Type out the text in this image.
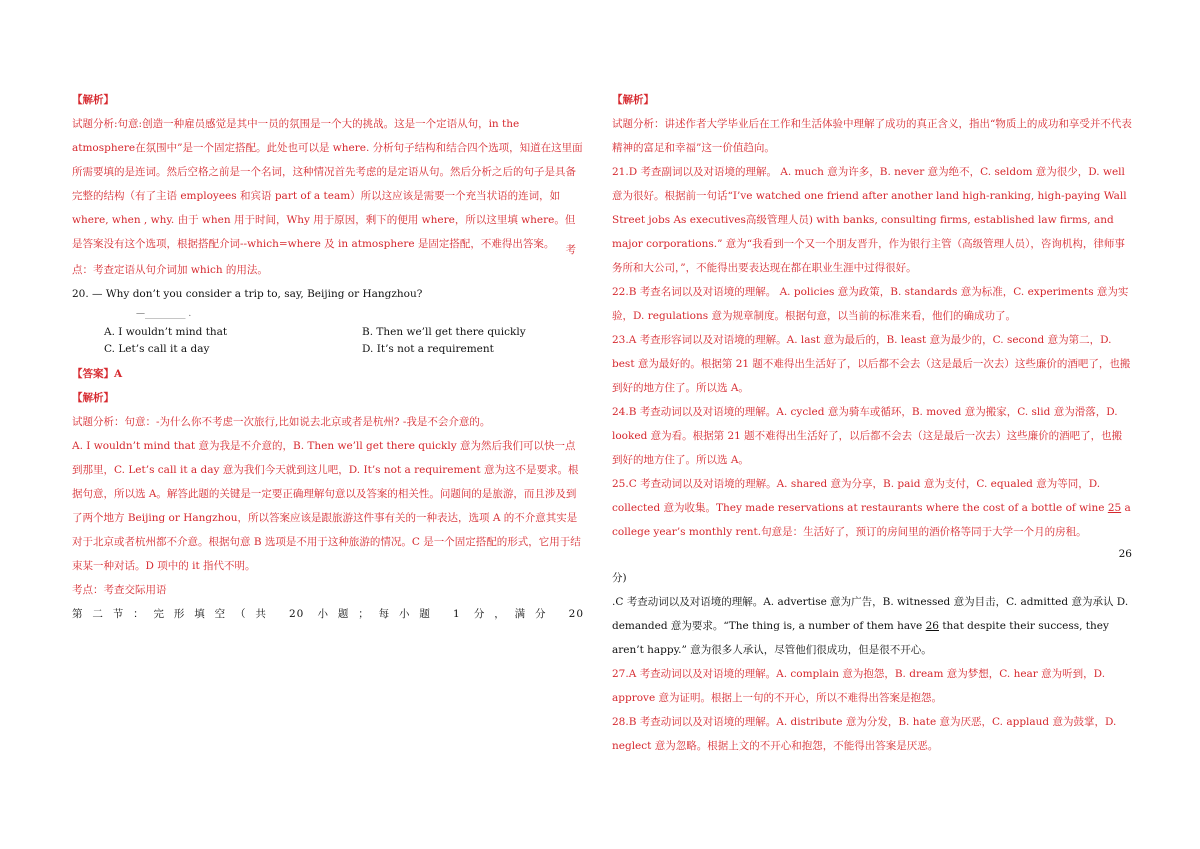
【解析】

试题分析:句意:创造一种雇员感觉是其中一员的氛围是一个大的挑战。这是一个定语从句，in the atmosphere在氛围中”是一个固定搭配。此处也可以是 where. 分析句子结构和结合四个选项，知道在这里面所需要填的是连词。然后空格之前是一个名词，这种情况首先考虑的是定语从句。然后分析之后的句子是具备完整的结构（有了主语 employees 和宾语 part of a team）所以这应该是需要一个充当状语的连词，如 where, when , why. 由于 when 用于时间，Why 用于原因，剩下的便用 where，所以这里填 where。但是答案没有这个选项，根据搭配介词--which=where 及 in atmosphere 是固定搭配，不难得出答案。	考

点：考查定语从句介词加 which 的用法。

20. — Why don’t you consider a trip to, say, Beijing or Hangzhou?

—_________ .

A. I wouldn’t mind that	B. Then we’ll get there quickly
C. Let’s call it a day	D. It’s not a requirement

【答案】A

【解析】

试题分析：句意：-为什么你不考虑一次旅行,比如说去北京或者是杭州? -我是不会介意的。

A. I wouldn’t mind that 意为我是不介意的，B. Then we’ll get there quickly 意为然后我们可以快一点到那里，C. Let’s call it a day 意为我们今天就到这儿吧，D. It’s not a requirement 意为这不是要求。根据句意，所以选 A。解答此题的关键是一定要正确理解句意以及答案的相关性。问题间的是旅游，而且涉及到了两个地方 Beijing or Hangzhou，所以答案应该是跟旅游这件事有关的一种表达，选项 A 的不介意其实是对于北京或者杭州都不介意。根据句意 B 选项是不用于这种旅游的情况。C 是一个固定搭配的形式，它用于结束某一种对话。D 项中的 it 指代不明。

考点：考查交际用语

第二节：完形填空（共 20 小题；每小题 1 分，满分 20

【解析】

试题分析：讲述作者大学毕业后在工作和生活体验中理解了成功的真正含义，指出“物质上的成功和享受并不代表精神的富足和幸福”这一价值趋向。

21.D 考查副词以及对语境的理解。 A. much 意为许多，B. never 意为绝不，C. seldom 意为很少，D. well 意为很好。根据前一句话“I’ve watched one friend after another land high-ranking, high-paying Wall Street jobs As executives高级管理人员) with banks, consulting firms, established law firms, and major corporations.” 意为“我看到一个又一个朋友晋升，作为银行主管（高级管理人员），咨询机构，律师事务所和大公司，”，不能得出要表达现在都在职业生涯中过得很好。

22.B 考查名词以及对语境的理解。 A. policies 意为政策，B. standards 意为标准，C. experiments 意为实验，D. regulations 意为规章制度。根据句意，以当前的标准来看，他们的确成功了。

23.A 考查形容词以及对语境的理解。A. last 意为最后的，B. least 意为最少的，C. second 意为第二，D. best 意为最好的。根据第 21 题不难得出生活好了，以后都不会去（这是最后一次去）这些廉价的酒吧了，也搬到好的地方住了。所以选 A。

24.B 考查动词以及对语境的理解。A. cycled 意为骑车或循环，B. moved 意为搬家，C. slid 意为滑落，D. looked 意为看。根据第 21 题不难得出生活好了，以后都不会去（这是最后一次去）这些廉价的酒吧了，也搬到好的地方住了。所以选 A。

25.C 考查动词以及对语境的理解。A. shared 意为分享，B. paid 意为支付，C. equaled 意为等同，D. collected 意为收集。They made reservations at restaurants where the cost of a bottle of wine 25 a college year’s monthly rent.句意是：生活好了，预订的房间里的酒价格等同于大学一个月的房租。

26

分)
.C 考查动词以及对语境的理解。A. advertise 意为广告，B. witnessed 意为目击，C. admitted 意为承认 D. demanded 意为要求。“The thing is, a number of them have 26 that despite their success, they aren’t happy.” 意为很多人承认，尽管他们很成功，但是很不开心。

27.A 考查动词以及对语境的理解。A. complain 意为抱怨，B. dream 意为梦想，C. hear 意为听到，D. approve 意为证明。根据上一句的不开心，所以不难得出答案是抱怨。

28.B 考查动词以及对语境的理解。A. distribute 意为分发，B. hate 意为厌恶，C. applaud 意为鼓掌，D. neglect 意为忽略。根据上文的不开心和抱怨，不能得出答案是厌恶。
